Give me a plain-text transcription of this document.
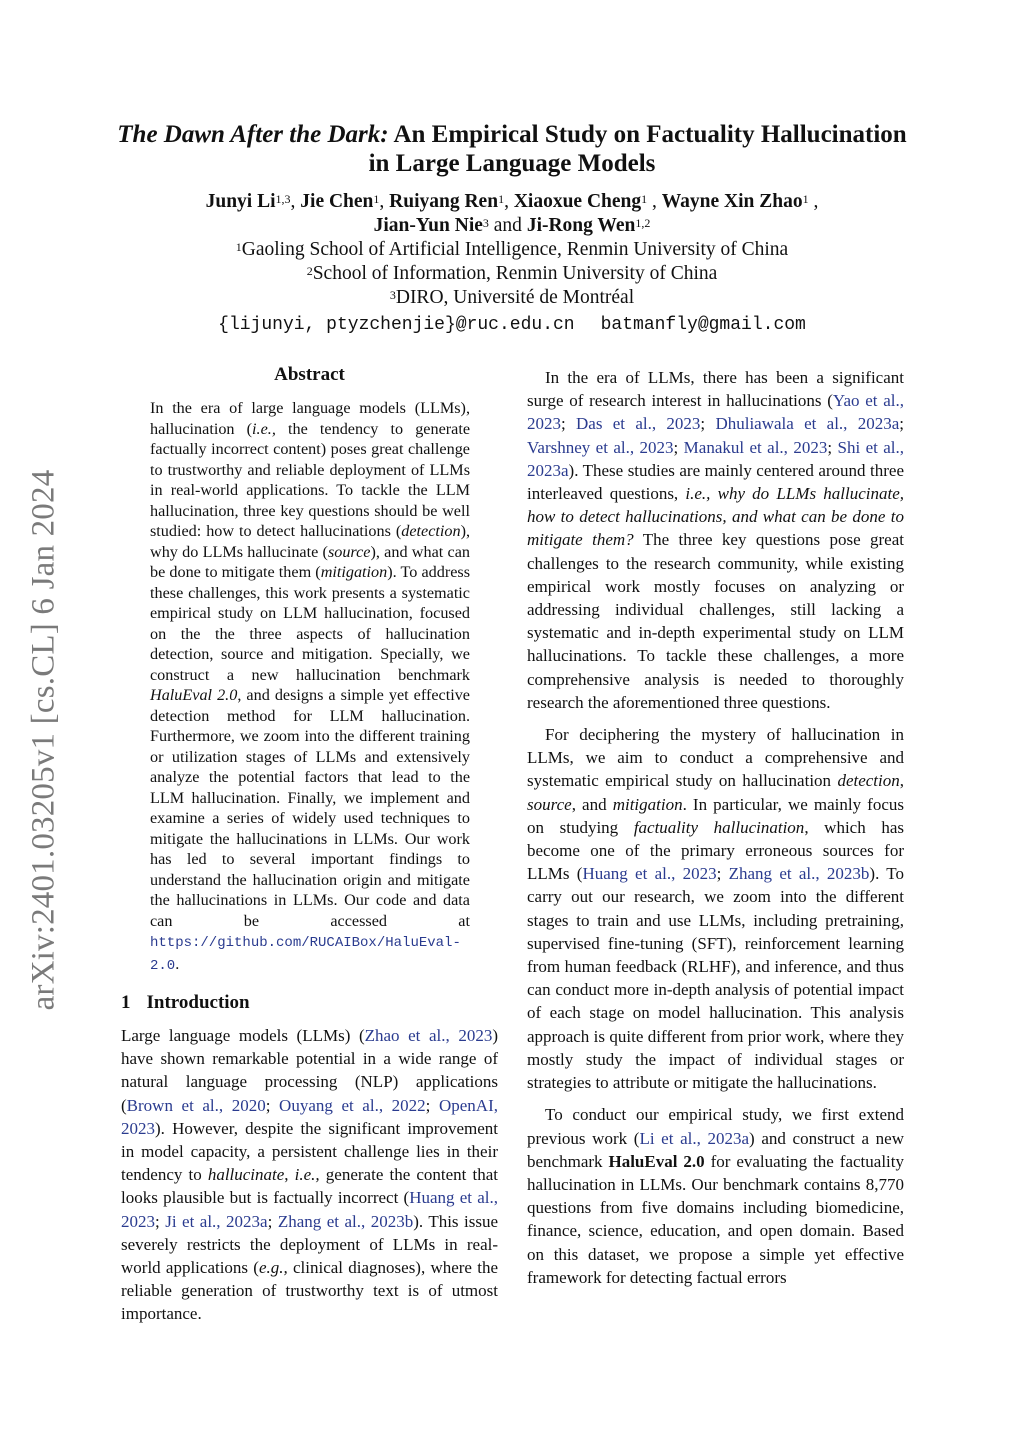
arXiv:2401.03205v1 [cs.CL] 6 Jan 2024
The Dawn After the Dark: An Empirical Study on Factuality Hallucination
in Large Language Models
Junyi Li$^{1,3}$, Jie Chen$^1$, Ruiyang Ren$^1$, Xiaoxue Cheng$^1$ , Wayne Xin Zhao$^1$ ,
Jian-Yun Nie$^3$ and Ji-Rong Wen$^{1,2}$
$^1$Gaoling School of Artificial Intelligence, Renmin University of China
$^2$School of Information, Renmin University of China
$^3$DIRO, Université de Montréal
{lijunyi, ptyzchenjie}@ruc.edu.cn batmanfly@gmail.com
Abstract

In the era of large language models (LLMs), hallucination (i.e., the tendency to generate factually incorrect content) poses great challenge to trustworthy and reliable deployment of LLMs in real-world applications. To tackle the LLM hallucination, three key questions should be well studied: how to detect hallucinations (detection), why do LLMs hallucinate (source), and what can be done to mitigate them (mitigation). To address these challenges, this work presents a systematic empirical study on LLM hallucination, focused on the the three aspects of hallucination detection, source and mitigation. Specially, we construct a new hallucination benchmark HaluEval 2.0, and designs a simple yet effective detection method for LLM hallucination. Furthermore, we zoom into the different training or utilization stages of LLMs and extensively analyze the potential factors that lead to the LLM hallucination. Finally, we implement and examine a series of widely used techniques to mitigate the hallucinations in LLMs. Our work has led to several important findings to understand the hallucination origin and mitigate the hallucinations in LLMs. Our code and data can be accessed at https://github.com/RUCAIBox/HaluEval-2.0.

1 Introduction

Large language models (LLMs) (Zhao et al., 2023) have shown remarkable potential in a wide range of natural language processing (NLP) applications (Brown et al., 2020; Ouyang et al., 2022; OpenAI, 2023). However, despite the significant improvement in model capacity, a persistent challenge lies in their tendency to hallucinate, i.e., generate the content that looks plausible but is factually incorrect (Huang et al., 2023; Ji et al., 2023a; Zhang et al., 2023b). This issue severely restricts the deployment of LLMs in real-world applications (e.g., clinical diagnoses), where the reliable generation of trustworthy text is of utmost importance.

In the era of LLMs, there has been a significant surge of research interest in hallucinations (Yao et al., 2023; Das et al., 2023; Dhuliawala et al., 2023a; Varshney et al., 2023; Manakul et al., 2023; Shi et al., 2023a). These studies are mainly centered around three interleaved questions, i.e., why do LLMs hallucinate, how to detect hallucinations, and what can be done to mitigate them? The three key questions pose great challenges to the research community, while existing empirical work mostly focuses on analyzing or addressing individual challenges, still lacking a systematic and in-depth experimental study on LLM hallucinations. To tackle these challenges, a more comprehensive analysis is needed to thoroughly research the aforementioned three questions.

For deciphering the mystery of hallucination in LLMs, we aim to conduct a comprehensive and systematic empirical study on hallucination detection, source, and mitigation. In particular, we mainly focus on studying factuality hallucination, which has become one of the primary erroneous sources for LLMs (Huang et al., 2023; Zhang et al., 2023b). To carry out our research, we zoom into the different stages to train and use LLMs, including pretraining, supervised fine-tuning (SFT), reinforcement learning from human feedback (RLHF), and inference, and thus can conduct more in-depth analysis of potential impact of each stage on model hallucination. This analysis approach is quite different from prior work, where they mostly study the impact of individual stages or strategies to attribute or mitigate the hallucinations.

To conduct our empirical study, we first extend previous work (Li et al., 2023a) and construct a new benchmark HaluEval 2.0 for evaluating the factuality hallucination in LLMs. Our benchmark contains 8,770 questions from five domains including biomedicine, finance, science, education, and open domain. Based on this dataset, we propose a simple yet effective framework for detecting factual errors
